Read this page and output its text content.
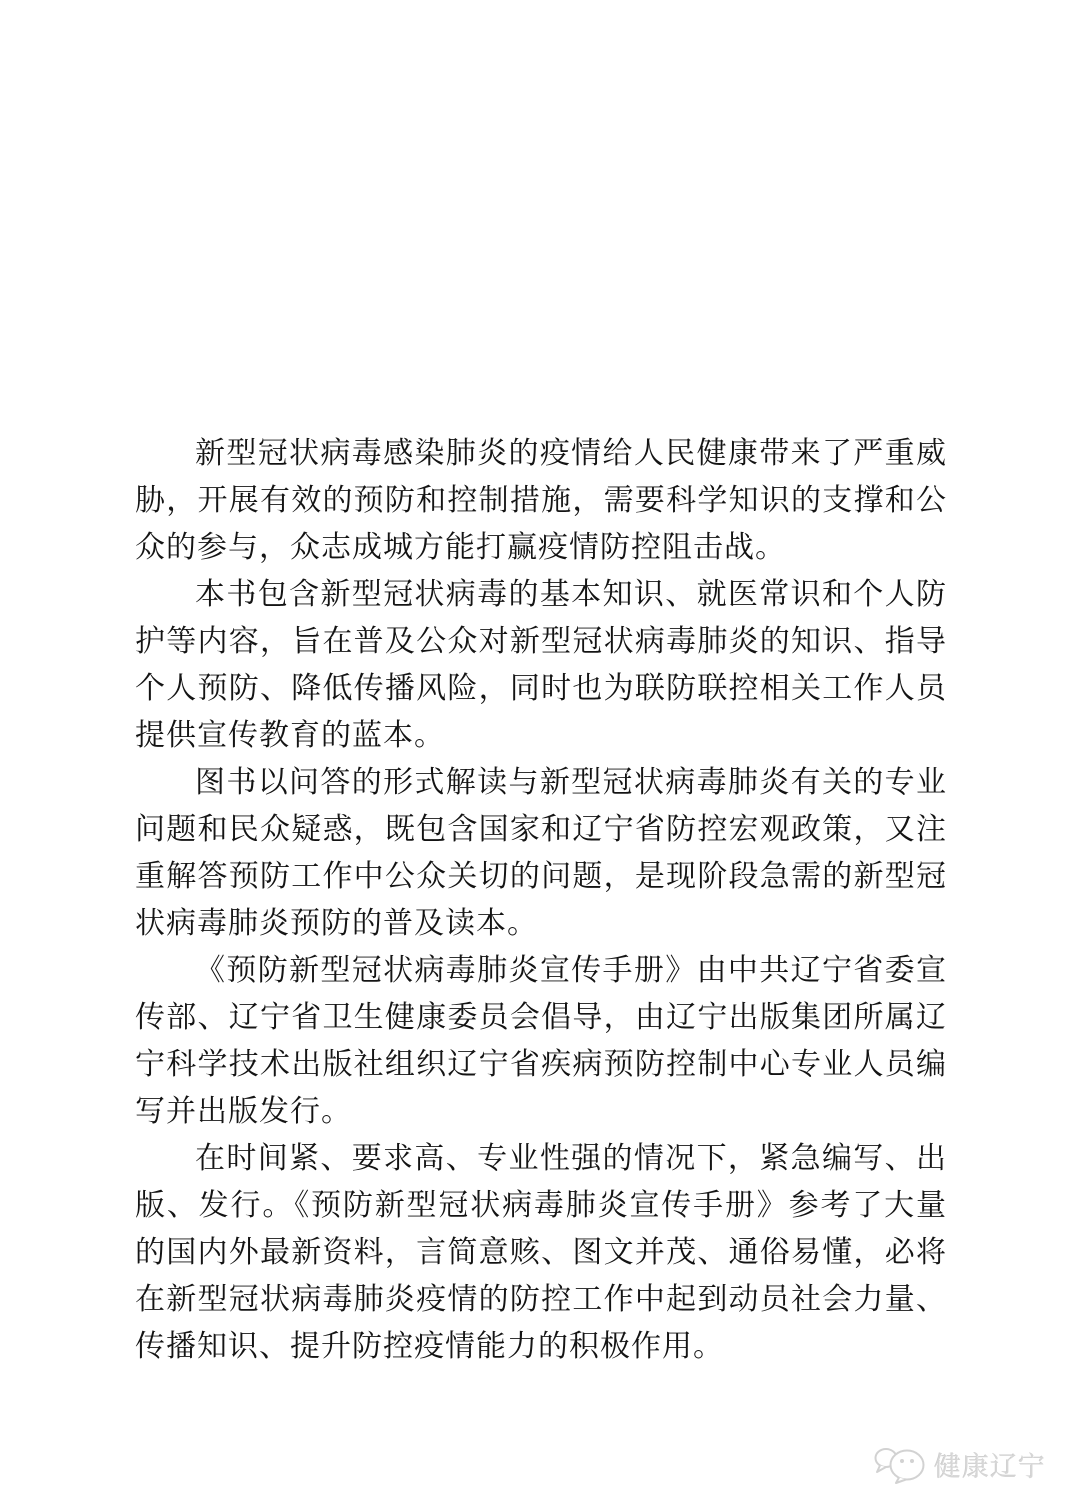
新型冠状病毒感染肺炎的疫情给人民健康带来了严重威胁，开展有效的预防和控制措施，需要科学知识的支撑和公众的参与，众志成城方能打赢疫情防控阻击战。

本书包含新型冠状病毒的基本知识、就医常识和个人防护等内容，旨在普及公众对新型冠状病毒肺炎的知识、指导个人预防、降低传播风险，同时也为联防联控相关工作人员提供宣传教育的蓝本。

图书以问答的形式解读与新型冠状病毒肺炎有关的专业问题和民众疑惑，既包含国家和辽宁省防控宏观政策，又注重解答预防工作中公众关切的问题，是现阶段急需的新型冠状病毒肺炎预防的普及读本。

《预防新型冠状病毒肺炎宣传手册》由中共辽宁省委宣传部、辽宁省卫生健康委员会倡导，由辽宁出版集团所属辽宁科学技术出版社组织辽宁省疾病预防控制中心专业人员编写并出版发行。

在时间紧、要求高、专业性强的情况下，紧急编写、出版、发行。《预防新型冠状病毒肺炎宣传手册》参考了大量的国内外最新资料，言简意赅、图文并茂、通俗易懂，必将在新型冠状病毒肺炎疫情的防控工作中起到动员社会力量、传播知识、提升防控疫情能力的积极作用。

健康辽宁
